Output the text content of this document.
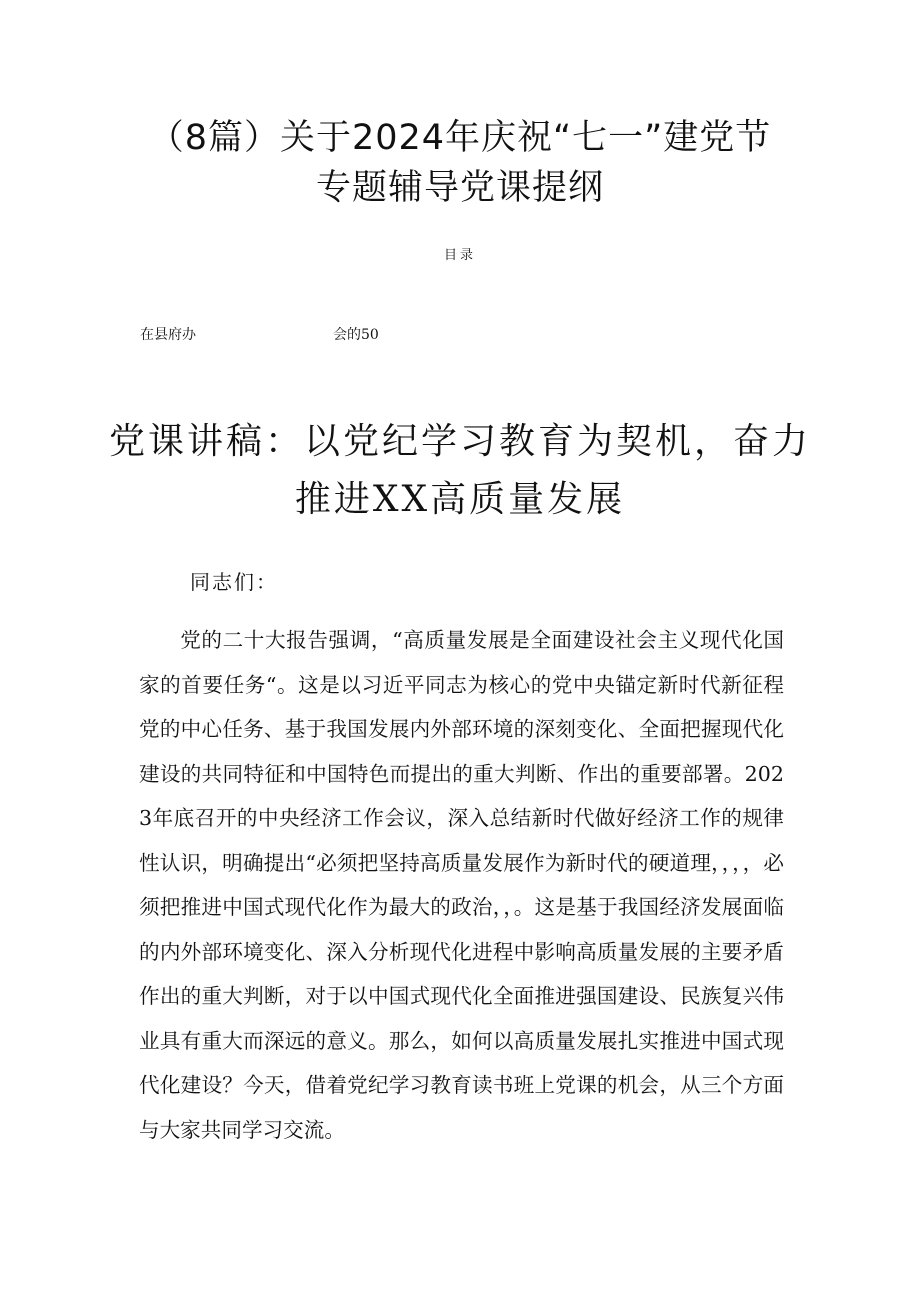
（8篇）关于2024年庆祝“七一”建党节
专题辅导党课提纲
目录
在县府办	会的50
党课讲稿：以党纪学习教育为契机，奋力
推进XX高质量发展
同志们：

党的二十大报告强调，“高质量发展是全面建设社会主义现代化国家的首要任务“。这是以习近平同志为核心的党中央锚定新时代新征程党的中心任务、基于我国发展内外部环境的深刻变化、全面把握现代化建设的共同特征和中国特色而提出的重大判断、作出的重要部署。2023年底召开的中央经济工作会议，深入总结新时代做好经济工作的规律性认识，明确提出“必须把坚持高质量发展作为新时代的硬道理，，，，必须把推进中国式现代化作为最大的政治，，。这是基于我国经济发展面临的内外部环境变化、深入分析现代化进程中影响高质量发展的主要矛盾作出的重大判断，对于以中国式现代化全面推进强国建设、民族复兴伟业具有重大而深远的意义。那么，如何以高质量发展扎实推进中国式现代化建设？今天，借着党纪学习教育读书班上党课的机会，从三个方面与大家共同学习交流。
